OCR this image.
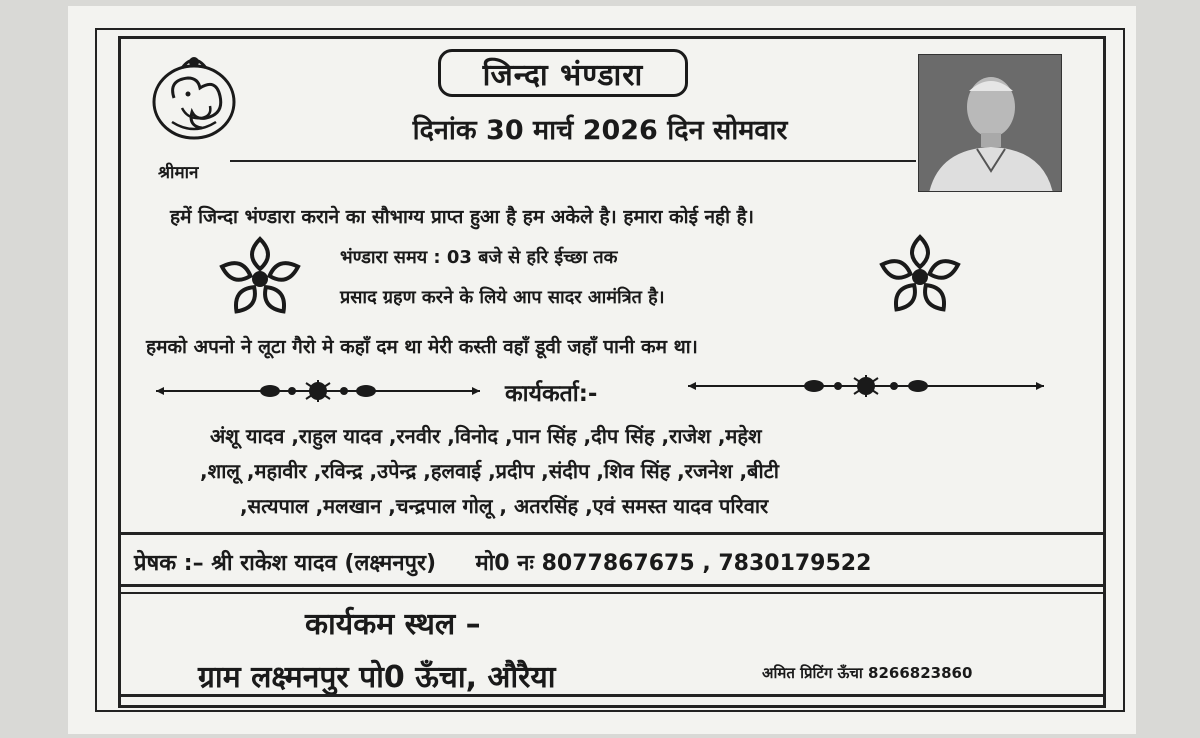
जिन्दा भंण्डारा
दिनांक 30 मार्च 2026 दिन सोमवार
श्रीमान
हमें जिन्दा भंण्डारा कराने का सौभाग्य प्राप्त हुआ है हम अकेले है। हमारा कोई नही है।
भंण्डारा समय : 03 बजे से हरि ईच्छा तक
प्रसाद ग्रहण करने के लिये आप सादर आमंत्रित है।
हमको अपनो ने लूटा गैरो मे कहाँ दम था मेरी कस्ती वहाँ डूवी जहाँ पानी कम था।
कार्यकर्ता:-
अंशू यादव ,राहुल यादव ,रनवीर ,विनोद ,पान सिंह ,दीप सिंह ,राजेश ,महेश
,शालू ,महावीर ,रविन्द्र ,उपेन्द्र ,हलवाई ,प्रदीप ,संदीप ,शिव सिंह ,रजनेश ,बीटी
,सत्यपाल ,मलखान ,चन्द्रपाल गोलू , अतरसिंह ,एवं समस्त यादव परिवार
प्रेषक :– श्री राकेश यादव (लक्ष्मनपुर) मो0 नः 8077867675 , 7830179522
कार्यकम स्थल –
ग्राम लक्ष्मनपुर पो0 ऊँचा, औरैया	अमित प्रिटिंग ऊँचा 8266823860
